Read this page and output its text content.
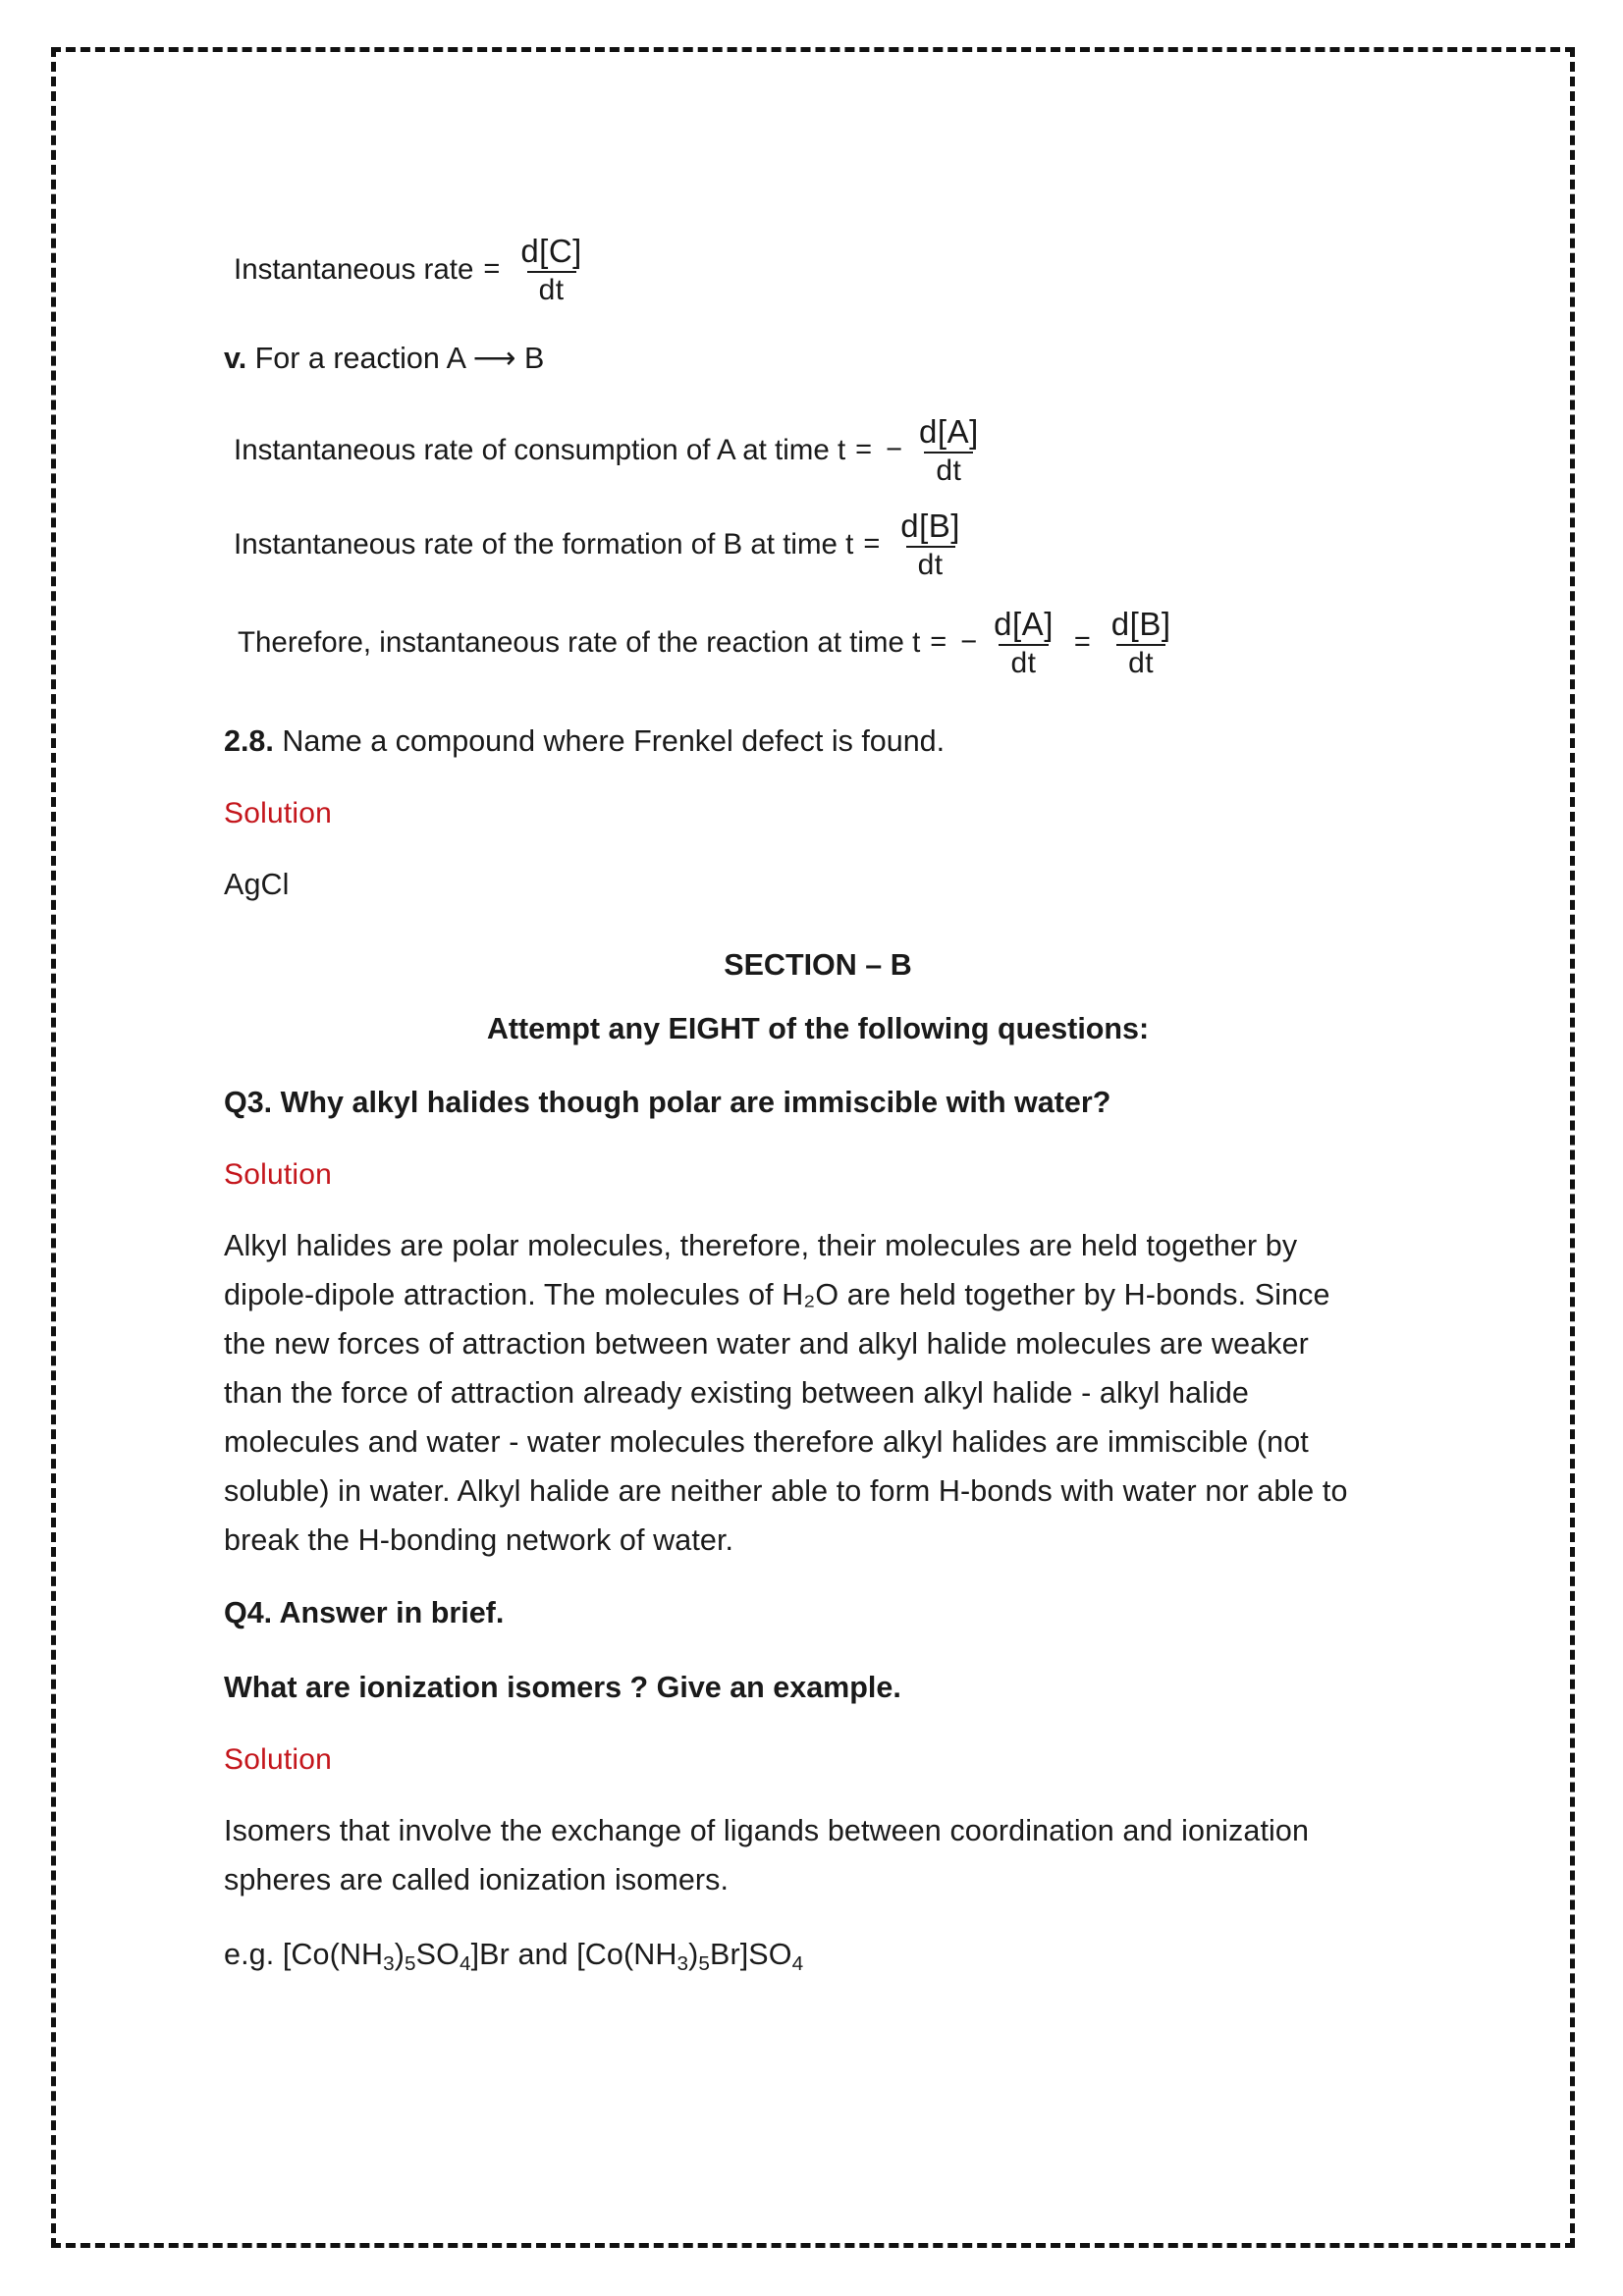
Instantaneous rate = $\frac{d[C]}{dt}$
v. For a reaction A ⟶ B
Instantaneous rate of consumption of A at time t = − $\frac{d[A]}{dt}$
Instantaneous rate of the formation of B at time $t = \frac{d[B]}{dt}$
Therefore, instantaneous rate of the reaction at time t = − $\frac{d[A]}{dt} = \frac{d[B]}{dt}$
2.8. Name a compound where Frenkel defect is found.
Solution
AgCl
SECTION – B
Attempt any EIGHT of the following questions:
Q3. Why alkyl halides though polar are immiscible with water?
Solution
Alkyl halides are polar molecules, therefore, their molecules are held together by
dipole-dipole attraction. The molecules of H₂O are held together by H-bonds. Since
the new forces of attraction between water and alkyl halide molecules are weaker
than the force of attraction already existing between alkyl halide - alkyl halide
molecules and water - water molecules therefore alkyl halides are immiscible (not
soluble) in water. Alkyl halide are neither able to form H-bonds with water nor able to
break the H-bonding network of water.
Q4. Answer in brief.
What are ionization isomers ? Give an example.
Solution
Isomers that involve the exchange of ligands between coordination and ionization
spheres are called ionization isomers.
e.g. $[Co(NH_3)_5SO_4]Br$ and $[Co(NH_3)_5Br]SO_4$
